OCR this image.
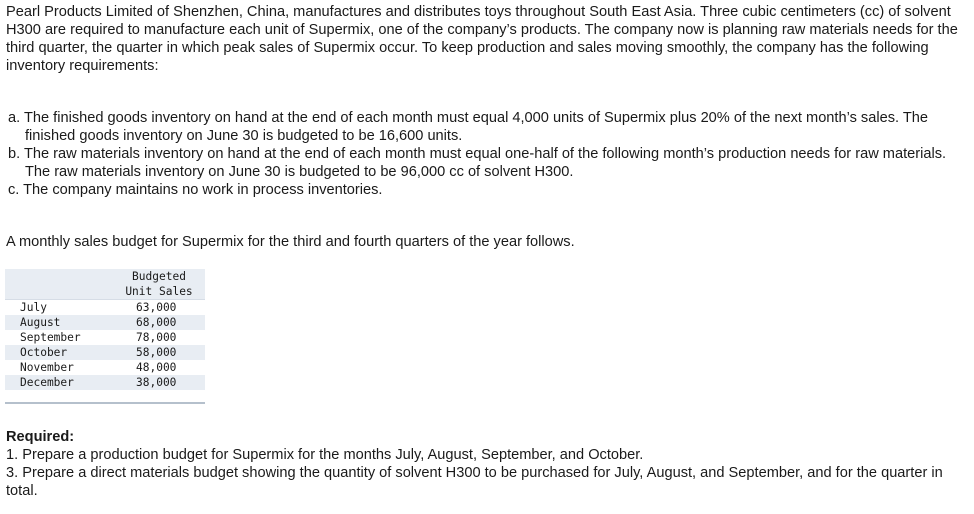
Pearl Products Limited of Shenzhen, China, manufactures and distributes toys throughout South East Asia. Three cubic centimeters (cc) of solvent H300 are required to manufacture each unit of Supermix, one of the company’s products. The company now is planning raw materials needs for the third quarter, the quarter in which peak sales of Supermix occur. To keep production and sales moving smoothly, the company has the following inventory requirements:

a. The finished goods inventory on hand at the end of each month must equal 4,000 units of Supermix plus 20% of the next month’s sales. The finished goods inventory on June 30 is budgeted to be 16,600 units.
b. The raw materials inventory on hand at the end of each month must equal one-half of the following month’s production needs for raw materials. The raw materials inventory on June 30 is budgeted to be 96,000 cc of solvent H300.
c. The company maintains no work in process inventories.

A monthly sales budget for Supermix for the third and fourth quarters of the year follows.

	Budgeted
	Unit Sales
July	63,000
August	68,000
September	78,000
October	58,000
November	48,000
December	38,000

Required:

1. Prepare a production budget for Supermix for the months July, August, September, and October.

3. Prepare a direct materials budget showing the quantity of solvent H300 to be purchased for July, August, and September, and for the quarter in total.
